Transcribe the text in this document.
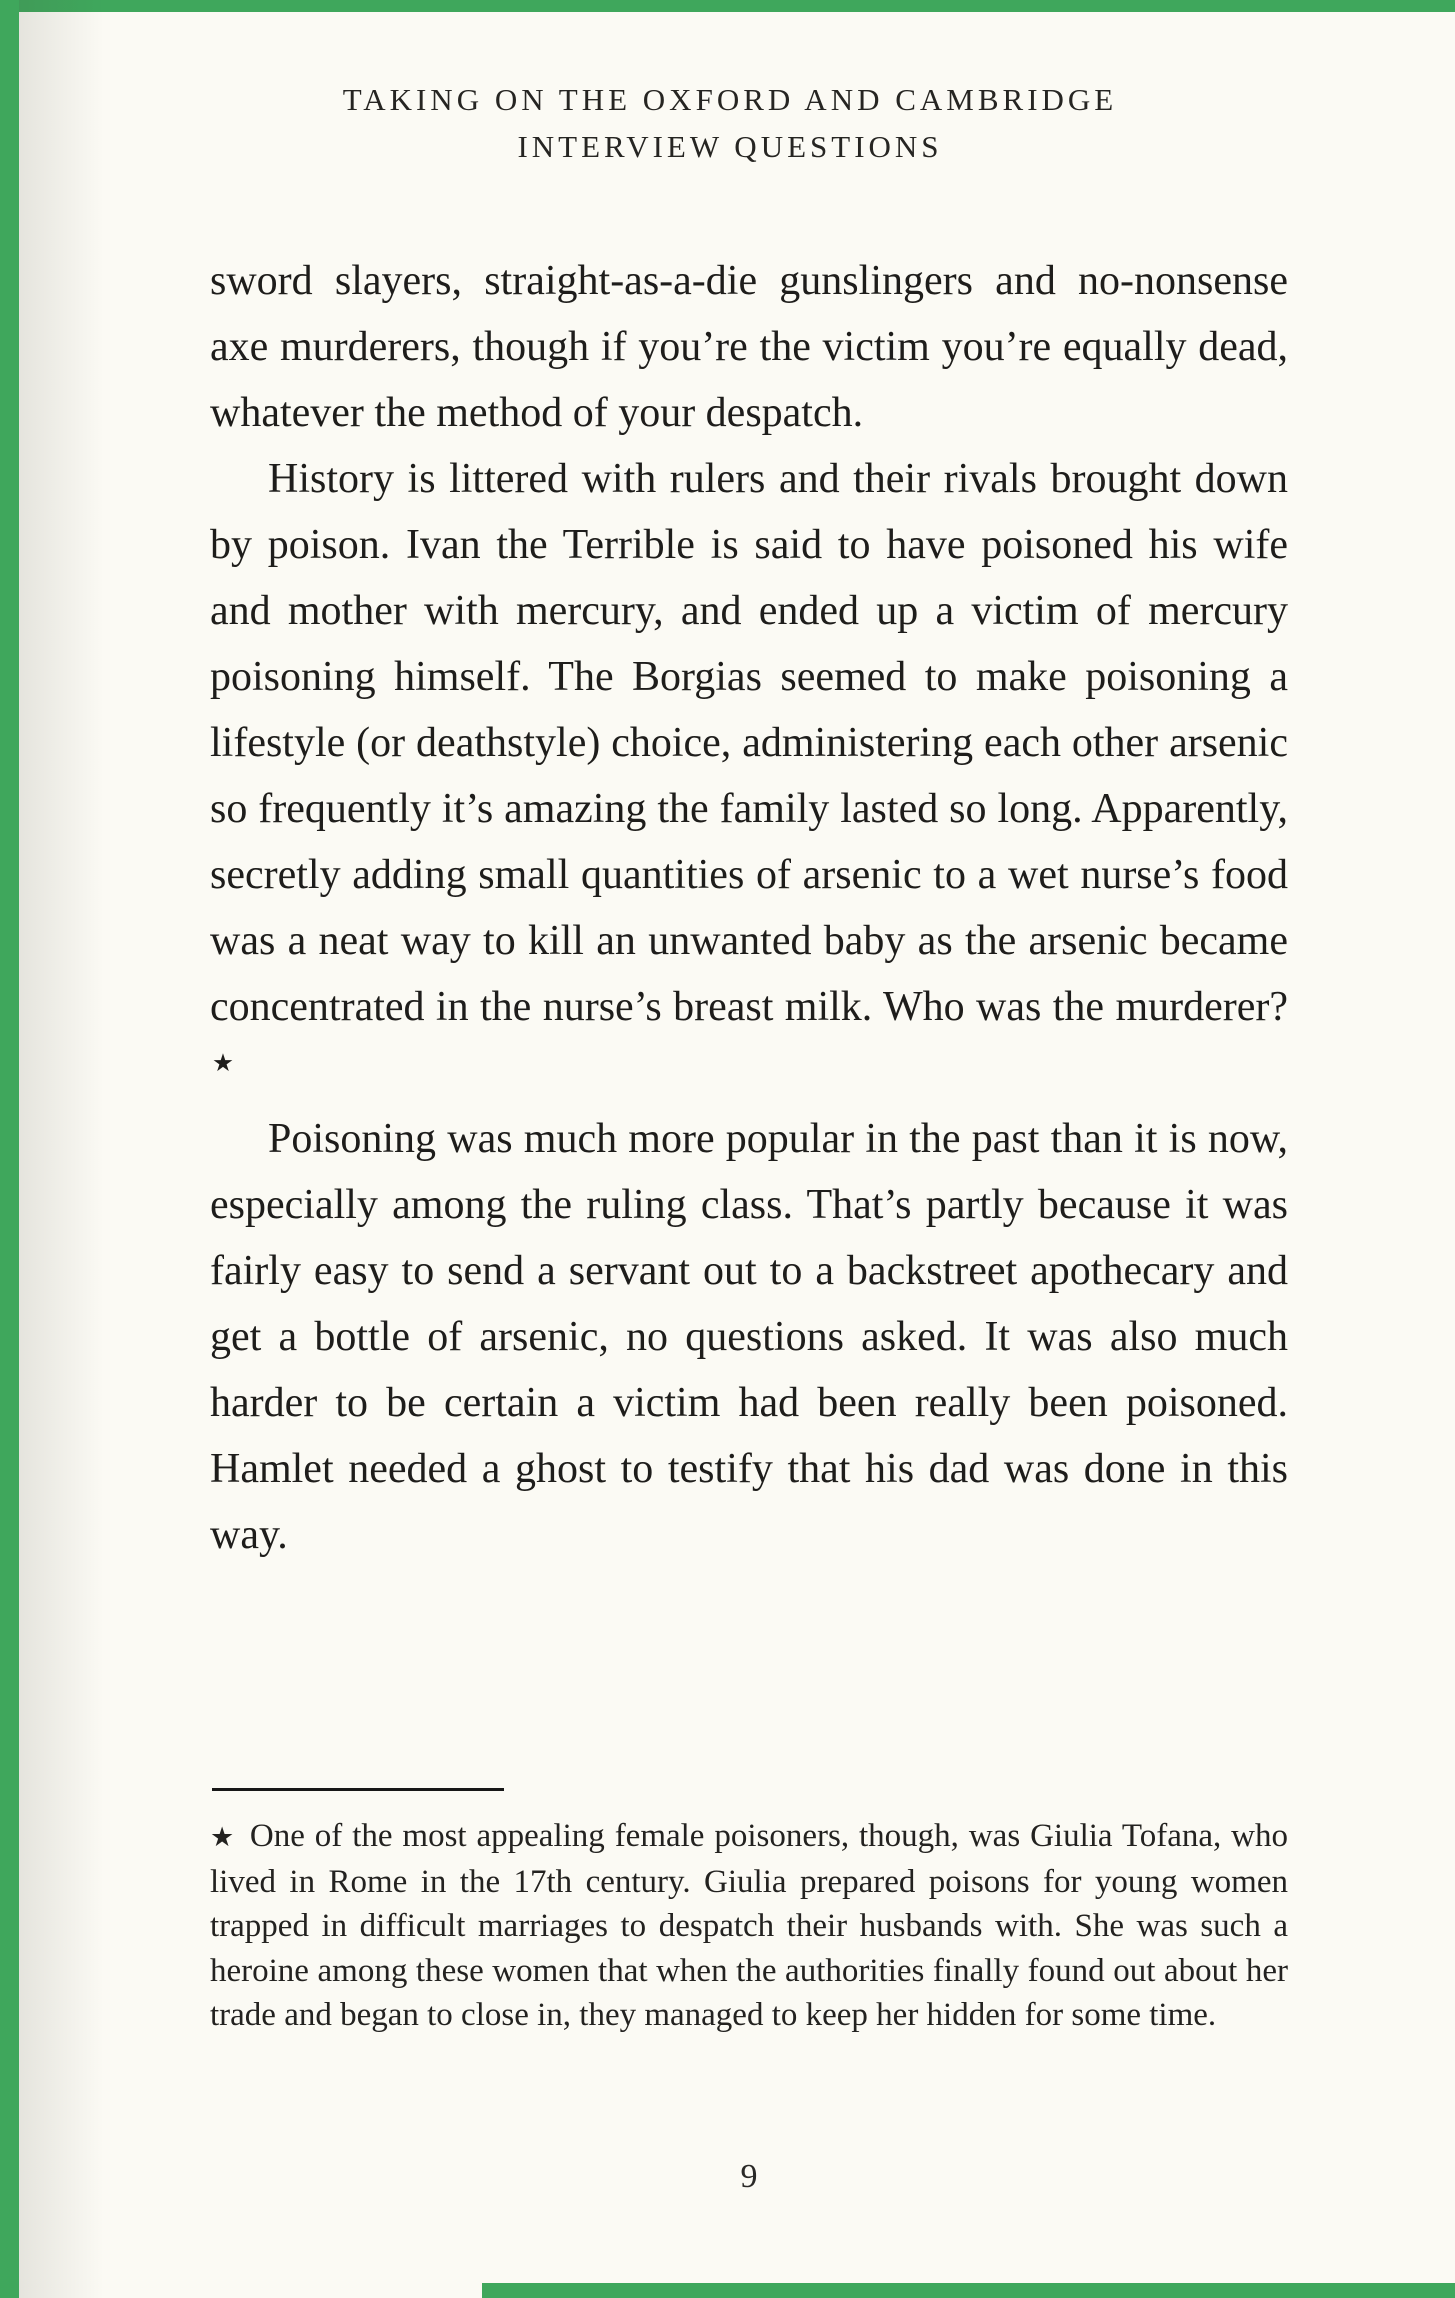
TAKING ON THE OXFORD AND CAMBRIDGE
INTERVIEW QUESTIONS

sword slayers, straight-as-a-die gunslingers and no-nonsense axe murderers, though if you’re the victim you’re equally dead, whatever the method of your despatch.

History is littered with rulers and their rivals brought down by poison. Ivan the Terrible is said to have poisoned his wife and mother with mercury, and ended up a victim of mercury poisoning himself. The Borgias seemed to make poisoning a lifestyle (or deathstyle) choice, administering each other arsenic so frequently it’s amazing the family lasted so long. Apparently, secretly adding small quantities of arsenic to a wet nurse’s food was a neat way to kill an unwanted baby as the arsenic became concentrated in the nurse’s breast milk. Who was the murderer?★

Poisoning was much more popular in the past than it is now, especially among the ruling class. That’s partly because it was fairly easy to send a servant out to a backstreet apothecary and get a bottle of arsenic, no questions asked. It was also much harder to be certain a victim had been really been poisoned. Hamlet needed a ghost to testify that his dad was done in this way.

★ One of the most appealing female poisoners, though, was Giulia Tofana, who lived in Rome in the 17th century. Giulia prepared poisons for young women trapped in difficult marriages to despatch their husbands with. She was such a heroine among these women that when the authorities finally found out about her trade and began to close in, they managed to keep her hidden for some time.
9
